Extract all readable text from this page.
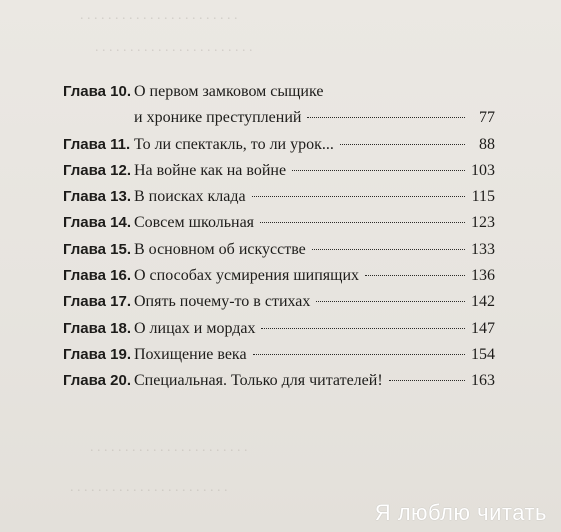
. . . . . . . . . . . . . . . . . . . . . . .
. . . . . . . . . . . . . . . . . . . . . . .
. . . . . . . . . . . . . . . . . . . . . . .
. . . . . . . . . . . . . . . . . . . . . . .
Глава 10. О первом замковом сыщике
и хронике преступлений	77
Глава 11. То ли спектакль, то ли урок...	88
Глава 12. На войне как на войне	103
Глава 13. В поисках клада	115
Глава 14. Совсем школьная	123
Глава 15. В основном об искусстве	133
Глава 16. О способах усмирения шипящих	136
Глава 17. Опять почему-то в стихах	142
Глава 18. О лицах и мордах	147
Глава 19. Похищение века	154
Глава 20. Специальная. Только для читателей!	163
Я люблю читать
